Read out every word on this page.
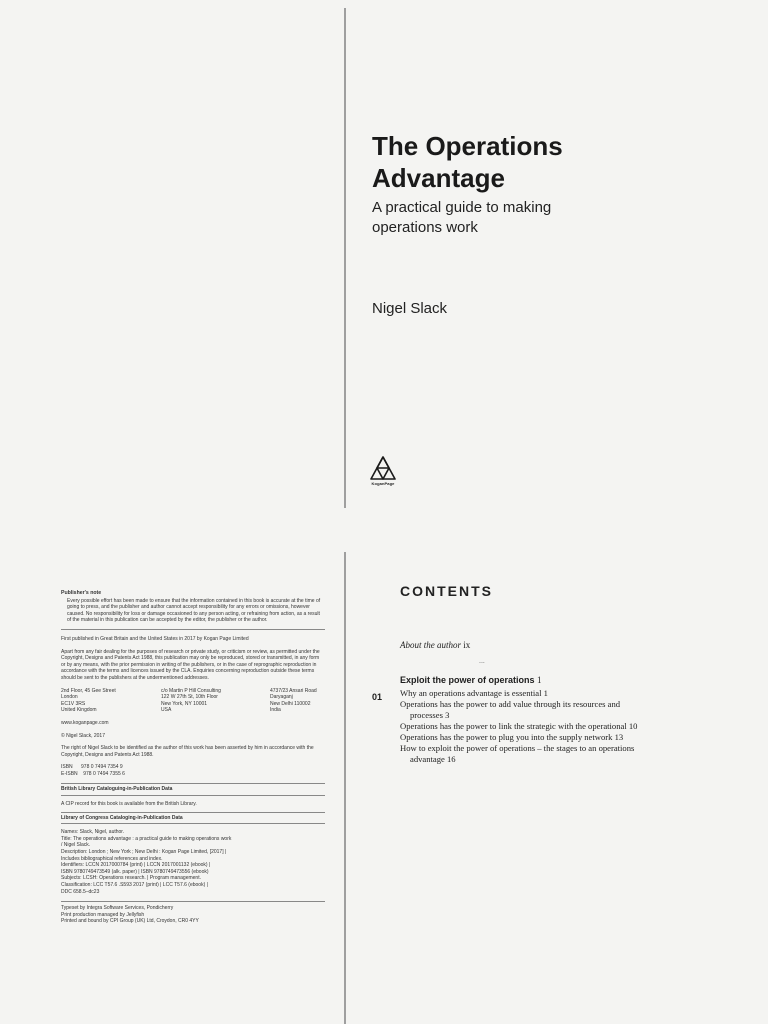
The Operations
Advantage
A practical guide to making
operations work
Nigel Slack
KoganPage
Publisher's note
Every possible effort has been made to ensure that the information contained in this book is accurate at the time of going to press, and the publisher and author cannot accept responsibility for any errors or omissions, however caused. No responsibility for loss or damage occasioned to any person acting, or refraining from action, as a result of the material in this publication can be accepted by the editor, the publisher or the author.
First published in Great Britain and the United States in 2017 by Kogan Page Limited
Apart from any fair dealing for the purposes of research or private study, or criticism or review, as permitted under the Copyright, Designs and Patents Act 1988, this publication may only be reproduced, stored or transmitted, in any form or by any means, with the prior permission in writing of the publishers, or in the case of reprographic reproduction in accordance with the terms and licences issued by the CLA. Enquiries concerning reproduction outside these terms should be sent to the publishers at the undermentioned addresses.
2nd Floor, 45 Gee Street
London
EC1V 3RS
United Kingdom
c/o Martin P Hill Consulting
122 W 27th St, 10th Floor
New York, NY 10001
USA
4737/23 Ansari Road
Daryaganj
New Delhi 110002
India
www.koganpage.com
© Nigel Slack, 2017
The right of Nigel Slack to be identified as the author of this work has been asserted by him in accordance with the Copyright, Designs and Patents Act 1988.
ISBN      978 0 7494 7354 9
E-ISBN    978 0 7494 7355 6
British Library Cataloguing-in-Publication Data
A CIP record for this book is available from the British Library.
Library of Congress Cataloging-in-Publication Data
Names: Slack, Nigel, author.
Title: The operations advantage : a practical guide to making operations work
/ Nigel Slack.
Description: London ; New York ; New Delhi : Kogan Page Limited, [2017] |
Includes bibliographical references and index.
Identifiers: LCCN 2017000784 (print) | LCCN 2017001132 (ebook) |
ISBN 9780749473549 (alk. paper) | ISBN 9780749473556 (ebook)
Subjects: LCSH: Operations research. | Program management.
Classification: LCC T57.6 .S593 2017 (print) | LCC T57.6 (ebook) |
DDC 658.5–dc23
Typeset by Integra Software Services, Pondicherry
Print production managed by Jellyfish
Printed and bound by CPI Group (UK) Ltd, Croydon, CR0 4YY
CONTENTS
About the author ix
...
01
Exploit the power of operations 1
Why an operations advantage is essential 1
Operations has the power to add value through its resources and processes 3
Operations has the power to link the strategic with the operational 10
Operations has the power to plug you into the supply network 13
How to exploit the power of operations – the stages to an operations advantage 16
